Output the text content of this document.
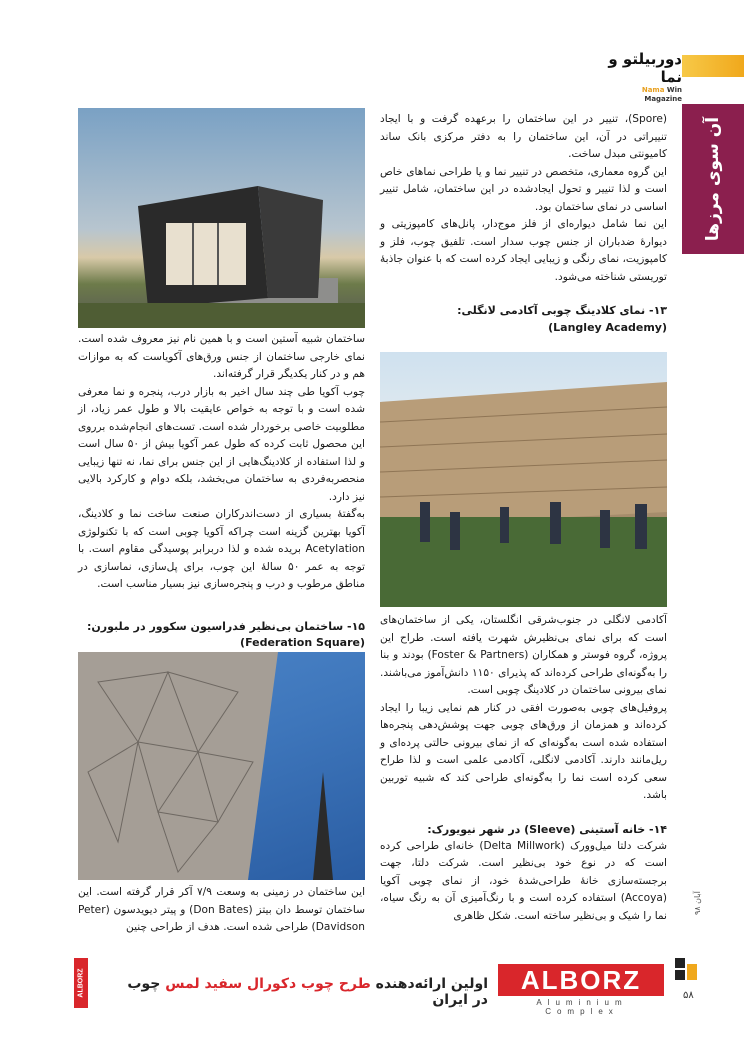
دوربیلتو و نما
Nama Win Magazine
آن سوی مرزها

(Spore)، تنییر در این ساختمان را برعهده گرفت و با ایجاد تنییراتی در آن، این ساختمان را به دفتر مرکزی بانک ساند کامیونتی مبدل ساخت.

این گروه معماری، متخصص در تنییر نما و یا طراحی نماهای خاص است و لذا تنییر و تحول ایجادشده در این ساختمان، شامل تنییر اساسی در نمای ساختمان بود.

این نما شامل دیواره‌ای از فلز موج‌دار، پانل‌های کامپوزیتی و دیوارهٔ ضدباران از جنس چوب سدار است. تلفیق چوب، فلز و کامپوزیت، نمای رنگی و زیبایی ایجاد کرده است که با عنوان جاذبهٔ توریستی شناخته می‌شود.

۱۳- نمای کلادینگ چوبی آکادمی لانگلی:
(Langley Academy)

آکادمی لانگلی در جنوب‌شرقی انگلستان، یکی از ساختمان‌های است که برای نمای بی‌نظیرش شهرت یافته است. طراح این پروژه، گروه فوستر و همکاران (Foster & Partners) بودند و بنا را به‌گونه‌ای طراحی کرده‌اند که پذیرای ۱۱۵۰ دانش‌آموز می‌باشند. نمای بیرونی ساختمان در کلادینگ چوبی است.

پروفیل‌های چوبی به‌صورت افقی در کنار هم نمایی زیبا را ایجاد کرده‌اند و همزمان از ورق‌های چوبی جهت پوشش‌دهی پنجره‌ها استفاده شده است به‌گونه‌ای که از نمای بیرونی حالتی پرده‌ای و ریل‌مانند دارند. آکادمی لانگلی، آکادمی علمی است و لذا طراح سعی کرده است نما را به‌گونه‌ای طراحی کند که شبیه توربین باشد.

۱۴- خانه آستینی (Sleeve) در شهر نیویورک:

شرکت دلتا میل‌وورک (Delta Millwork) خانه‌ای طراحی کرده است که در نوع خود بی‌نظیر است. شرکت دلتا، جهت برجسته‌سازی خانهٔ طراحی‌شدهٔ خود، از نمای چوبی آکویا (Accoya) استفاده کرده است و با رنگ‌آمیزی آن به رنگ سیاه، نما را شیک و بی‌نظیر ساخته است. شکل ظاهری

ساختمان شبیه آستین است و با همین نام نیز معروف شده است. نمای خارجی ساختمان از جنس ورق‌های آکویاست که به موازات هم و در کنار یکدیگر قرار گرفته‌اند.

چوب آکویا طی چند سال اخیر به بازار درب، پنجره و نما معرفی شده است و با توجه به خواص عایقیت بالا و طول عمر زیاد، از مطلوبیت خاصی برخوردار شده است. تست‌های انجام‌شده برروی این محصول ثابت کرده که طول عمر آکویا بیش از ۵۰ سال است و لذا استفاده از کلادینگ‌هایی از این جنس برای نما، نه تنها زیبایی منحصربه‌فردی به ساختمان می‌بخشد، بلکه دوام و کارکرد بالایی نیز دارد.

به‌گفتهٔ بسیاری از دست‌اندرکاران صنعت ساخت نما و کلادینگ، آکویا بهترین گزینه است چراکه آکویا چوبی است که با تکنولوژی Acetylation بریده شده و لذا دربرابر پوسیدگی مقاوم است. با توجه به عمر ۵۰ سالهٔ این چوب، برای پل‌سازی، نماسازی در مناطق مرطوب و درب و پنجره‌سازی نیز بسیار مناسب است.

۱۵- ساختمان بی‌نظیر فدراسیون سکوور در ملبورن:
(Federation Square)

این ساختمان در زمینی به وسعت ۷/۹ آکر قرار گرفته است. این ساختمان توسط دان بیتز (Don Bates) و پیتر دیویدسون (Peter Davidson) طراحی شده است. هدف از طراحی چنین

ALBORZ	اولین ارائه‌دهنده طرح چوب دکورال سفید لمس چوب در ایران
ALBORZ
Aluminium Complex
آبان ۹۸
۵۸
